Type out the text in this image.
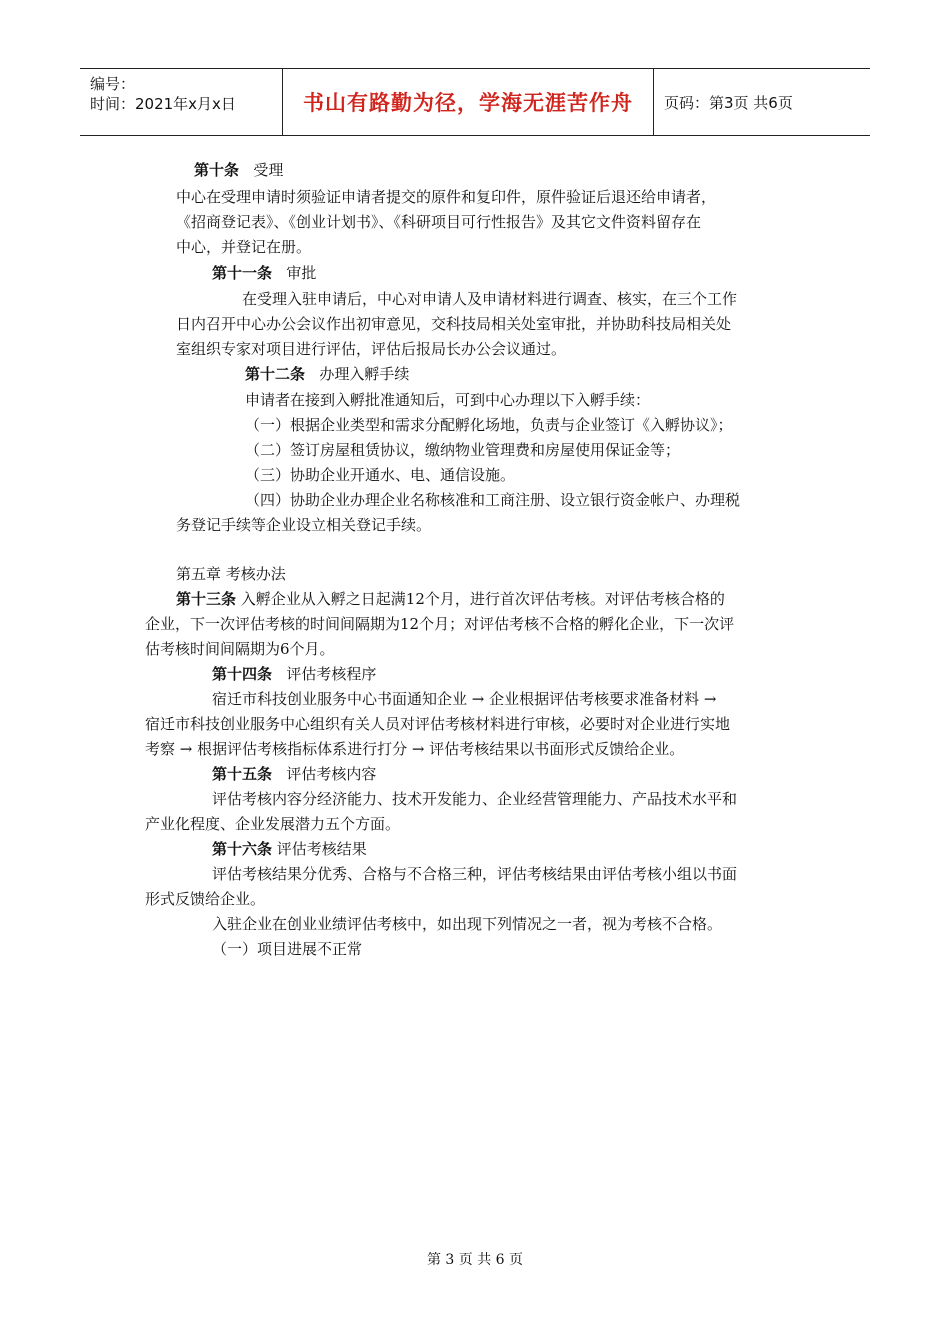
编号：
时间：2021年x月x日	书山有路勤为径，学海无涯苦作舟 页码：第3页 共6页
第十条 受理
中心在受理申请时须验证申请者提交的原件和复印件，原件验证后退还给申请者，
《招商登记表》、《创业计划书》、《科研项目可行性报告》及其它文件资料留存在
中心，并登记在册。
第十一条 审批
在受理入驻申请后，中心对申请人及申请材料进行调查、核实，在三个工作
日内召开中心办公会议作出初审意见，交科技局相关处室审批，并协助科技局相关处
室组织专家对项目进行评估，评估后报局长办公会议通过。
第十二条 办理入孵手续
申请者在接到入孵批准通知后，可到中心办理以下入孵手续：
（一）根据企业类型和需求分配孵化场地，负责与企业签订《入孵协议》；
（二）签订房屋租赁协议，缴纳物业管理费和房屋使用保证金等；
（三）协助企业开通水、电、通信设施。
（四）协助企业办理企业名称核准和工商注册、设立银行资金帐户、办理税
务登记手续等企业设立相关登记手续。
第五章 考核办法
第十三条 入孵企业从入孵之日起满12个月，进行首次评估考核。对评估考核合格的
企业，下一次评估考核的时间间隔期为12个月；对评估考核不合格的孵化企业，下一次评
估考核时间间隔期为6个月。
第十四条 评估考核程序
宿迁市科技创业服务中心书面通知企业 → 企业根据评估考核要求准备材料 →
宿迁市科技创业服务中心组织有关人员对评估考核材料进行审核，必要时对企业进行实地
考察 → 根据评估考核指标体系进行打分 → 评估考核结果以书面形式反馈给企业。
第十五条 评估考核内容
评估考核内容分经济能力、技术开发能力、企业经营管理能力、产品技术水平和
产业化程度、企业发展潜力五个方面。
第十六条 评估考核结果
评估考核结果分优秀、合格与不合格三种，评估考核结果由评估考核小组以书面
形式反馈给企业。
入驻企业在创业业绩评估考核中，如出现下列情况之一者，视为考核不合格。
（一）项目进展不正常
第 3 页 共 6 页
